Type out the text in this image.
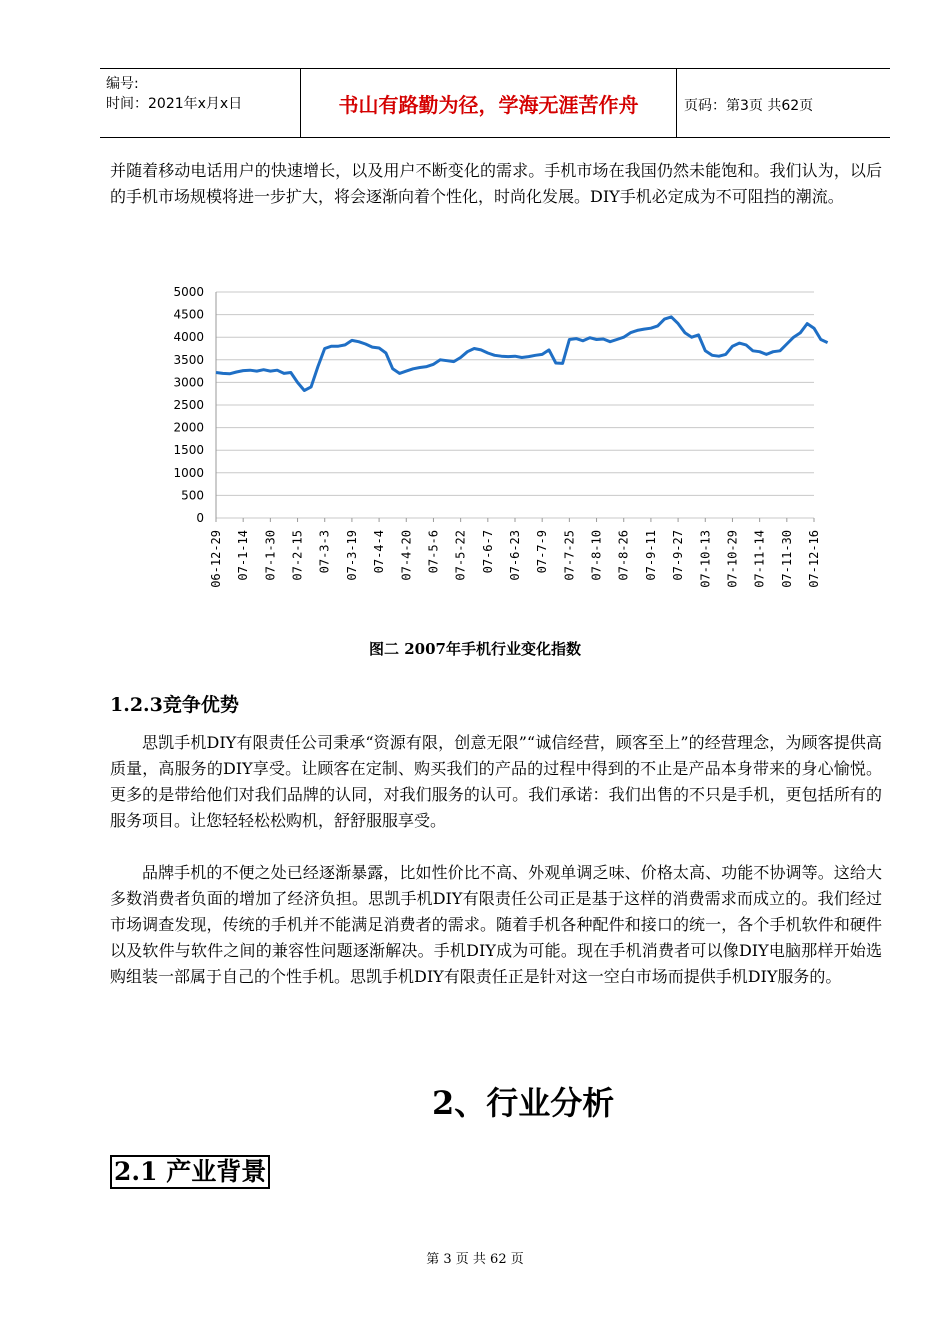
编号:
时间：2021年x月x日	书山有路勤为径，学海无涯苦作舟	页码：第3页 共62页
并随着移动电话用户的快速增长，以及用户不断变化的需求。手机市场在我国仍然未能饱和。我们认为，以后的手机市场规模将进一步扩大，将会逐渐向着个性化，时尚化发展。DIY手机必定成为不可阻挡的潮流。
0
500
1000
1500
2000
2500
3000
3500
4000
4500
5000
06-12-29 07-1-14 07-1-30 07-2-15 07-3-3 07-3-19 07-4-4 07-4-20 07-5-6 07-5-22 07-6-7 07-6-23 07-7-9 07-7-25 07-8-10 07-8-26 07-9-11 07-9-27 07-10-13 07-10-29 07-11-14 07-11-30 07-12-16
图二 2007年手机行业变化指数
1.2.3竞争优势
思凯手机DIY有限责任公司秉承“资源有限，创意无限”“诚信经营，顾客至上”的经营理念，为顾客提供高质量，高服务的DIY享受。让顾客在定制、购买我们的产品的过程中得到的不止是产品本身带来的身心愉悦。更多的是带给他们对我们品牌的认同，对我们服务的认可。我们承诺：我们出售的不只是手机，更包括所有的服务项目。让您轻轻松松购机，舒舒服服享受。
品牌手机的不便之处已经逐渐暴露，比如性价比不高、外观单调乏味、价格太高、功能不协调等。这给大多数消费者负面的增加了经济负担。思凯手机DIY有限责任公司正是基于这样的消费需求而成立的。我们经过市场调查发现，传统的手机并不能满足消费者的需求。随着手机各种配件和接口的统一，各个手机软件和硬件以及软件与软件之间的兼容性问题逐渐解决。手机DIY成为可能。现在手机消费者可以像DIY电脑那样开始选购组装一部属于自己的个性手机。思凯手机DIY有限责任正是针对这一空白市场而提供手机DIY服务的。
2、行业分析
2.1 产业背景
第 3 页 共 62 页
